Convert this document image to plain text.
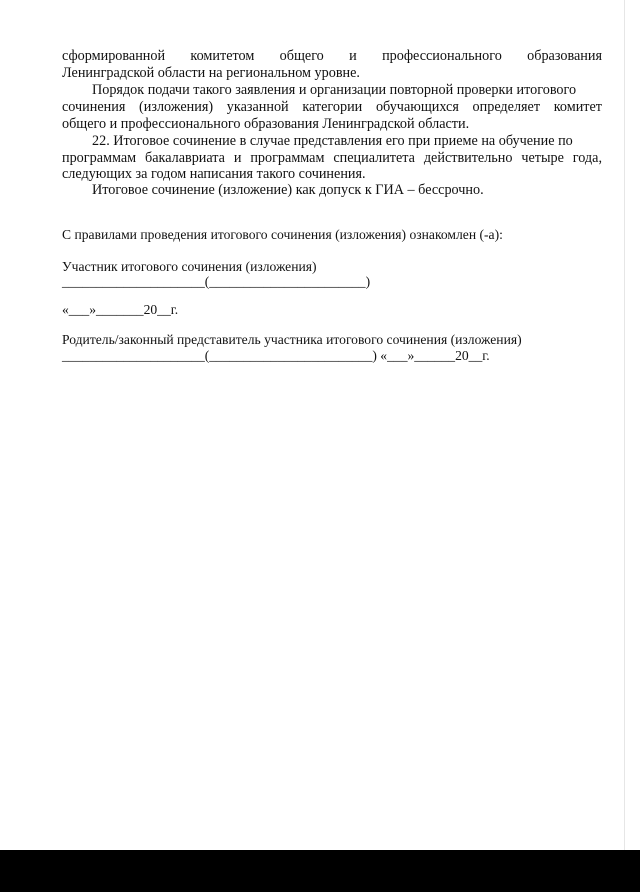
сформированной комитетом общего и профессионального образования
Ленинградской области на региональном уровне.
Порядок подачи такого заявления и организации повторной проверки итогового
сочинения (изложения) указанной категории обучающихся определяет комитет
общего и профессионального образования Ленинградской области.
22. Итоговое сочинение в случае представления его при приеме на обучение по
программам бакалавриата и программам специалитета действительно четыре года,
следующих за годом написания такого сочинения.
Итоговое сочинение (изложение) как допуск к ГИА – бессрочно.
С правилами проведения итогового сочинения (изложения) ознакомлен (-а):
Участник итогового сочинения (изложения)
_____________________(_______________________)
«___»_______20__г.
Родитель/законный представитель участника итогового сочинения (изложения)
_____________________(________________________) «___»______20__г.
